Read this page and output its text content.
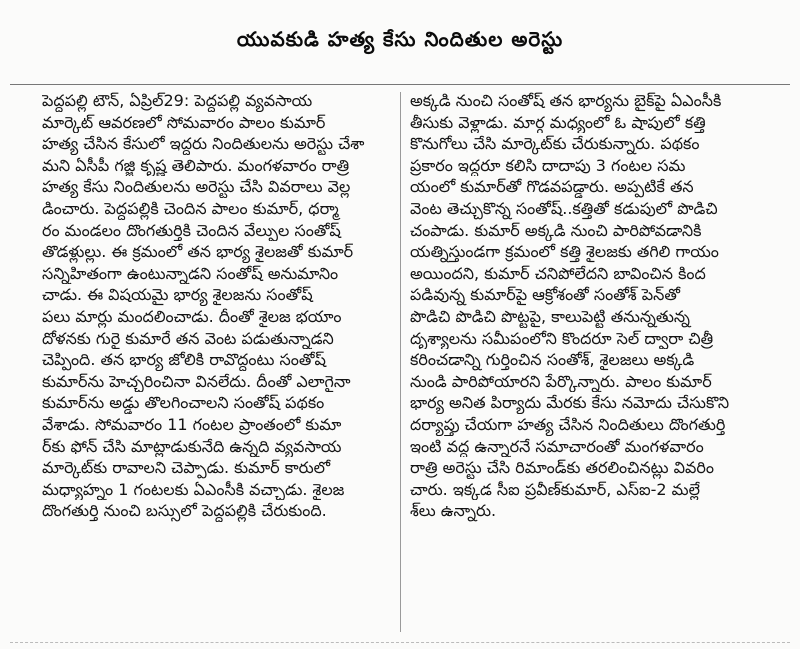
యువకుడి హత్య కేసు నిందితుల అరెస్టు
పెద్దపల్లి టౌన్, ఏప్రిల్29: పెద్దపల్లి వ్యవసాయ
మార్కెట్ ఆవరణలో సోమవారం పాలం కుమార్
హత్య చేసిన కేసులో ఇద్దరు నిందితులను అరెస్టు చేశా
మని ఏసీపీ గజ్జి కృష్ణ తెలిపారు. మంగళవారం రాత్రి
హత్య కేసు నిందితులను అరెస్టు చేసి వివరాలు వెల్ల
డించారు. పెద్దపల్లికి చెందిన పాలం కుమార్, ధర్మా
రం మండలం దొంగతుర్తికి చెందిన వేల్పుల సంతోష్
తొడళ్లుల్లు. ఈ క్రమంలో తన భార్య శైలజతో కుమార్
సన్నిహితంగా ఉంటున్నాడని సంతోష్ అనుమానిం
చాడు. ఈ విషయమై భార్య శైలజను సంతోష్
పలు మార్లు మందలించాడు. దీంతో శైలజ భయాం
దోళనకు గురై కుమారే తన వెంట పడుతున్నాడని
చెప్పింది. తన భార్య జోలికి రావొద్దంటు సంతోష్
కుమార్‌ను హెచ్చరించినా వినలేదు. దీంతో ఎలాగైనా
కుమార్‌ను అడ్డు తొలగించాలని సంతోష్ పథకం
వేశాడు. సోమవారం 11 గంటల ప్రాంతంలో కుమా
ర్‌కు ఫోన్ చేసి మాట్లాడుకునేది ఉన్నది వ్యవసాయ
మార్కెట్‌కు రావాలని చెప్పాడు. కుమార్ కారులో
మధ్యాహ్నం 1 గంటలకు ఏఎంసీకి వచ్చాడు. శైలజ
దొంగతుర్తి నుంచి బస్సులో పెద్దపల్లికి చేరుకుంది.
అక్కడి నుంచి సంతోష్ తన భార్యను బైక్‌పై ఏఎంసీకి
తీసుకు వెళ్లాడు. మార్గ మధ్యంలో ఓ షాపులో కత్తి
కొనుగోలు చేసి మార్కెట్‌కు చేరుకున్నారు. పథకం
ప్రకారం ఇద్దరూ కలిసి దాదాపు 3 గంటల సమ
యంలో కుమార్‌తో గొడవపడ్డారు. అప్పటికే తన
వెంట తెచ్చుకొన్న సంతోష్..కత్తితో కడుపులో పొడిచి
చంపాడు. కుమార్ అక్కడి నుంచి పారిపోవడానికి
యత్నిస్తుండగా క్రమంలో కత్తి శైలజకు తగిలి గాయం
అయిందని, కుమార్ చనిపోలేదని బావించిన కింద
పడివున్న కుమార్‌పై ఆక్రోశంతో సంతోశ్ పెన్‌తో
పొడిచి పొడిచి పొట్టపై, కాలుపెట్టి తనున్నతున్న
దృశ్యాలను సమీపంలోని కొందరూ సెల్ ద్వారా చిత్రీ
కరించడాన్ని గుర్తించిన సంతోశ్, శైలజలు అక్కడి
నుండి పారిపోయారని పేర్కొన్నారు. పాలం కుమార్
భార్య అనిత పిర్యాదు మేరకు కేసు నమోదు చేసుకొని
దర్యాప్తు చేయగా హత్య చేసిన నిందితులు దొంగతుర్తి
ఇంటి వద్ద ఉన్నారనే సమాచారంతో మంగళవారం
రాత్రి అరెస్టు చేసి రిమాండ్‌కు తరలించినట్లు వివరిం
చారు. ఇక్కడ సీఐ ప్రవీణ్‌కుమార్, ఎస్ఐ-2 మల్లే
శ్‌లు ఉన్నారు.
